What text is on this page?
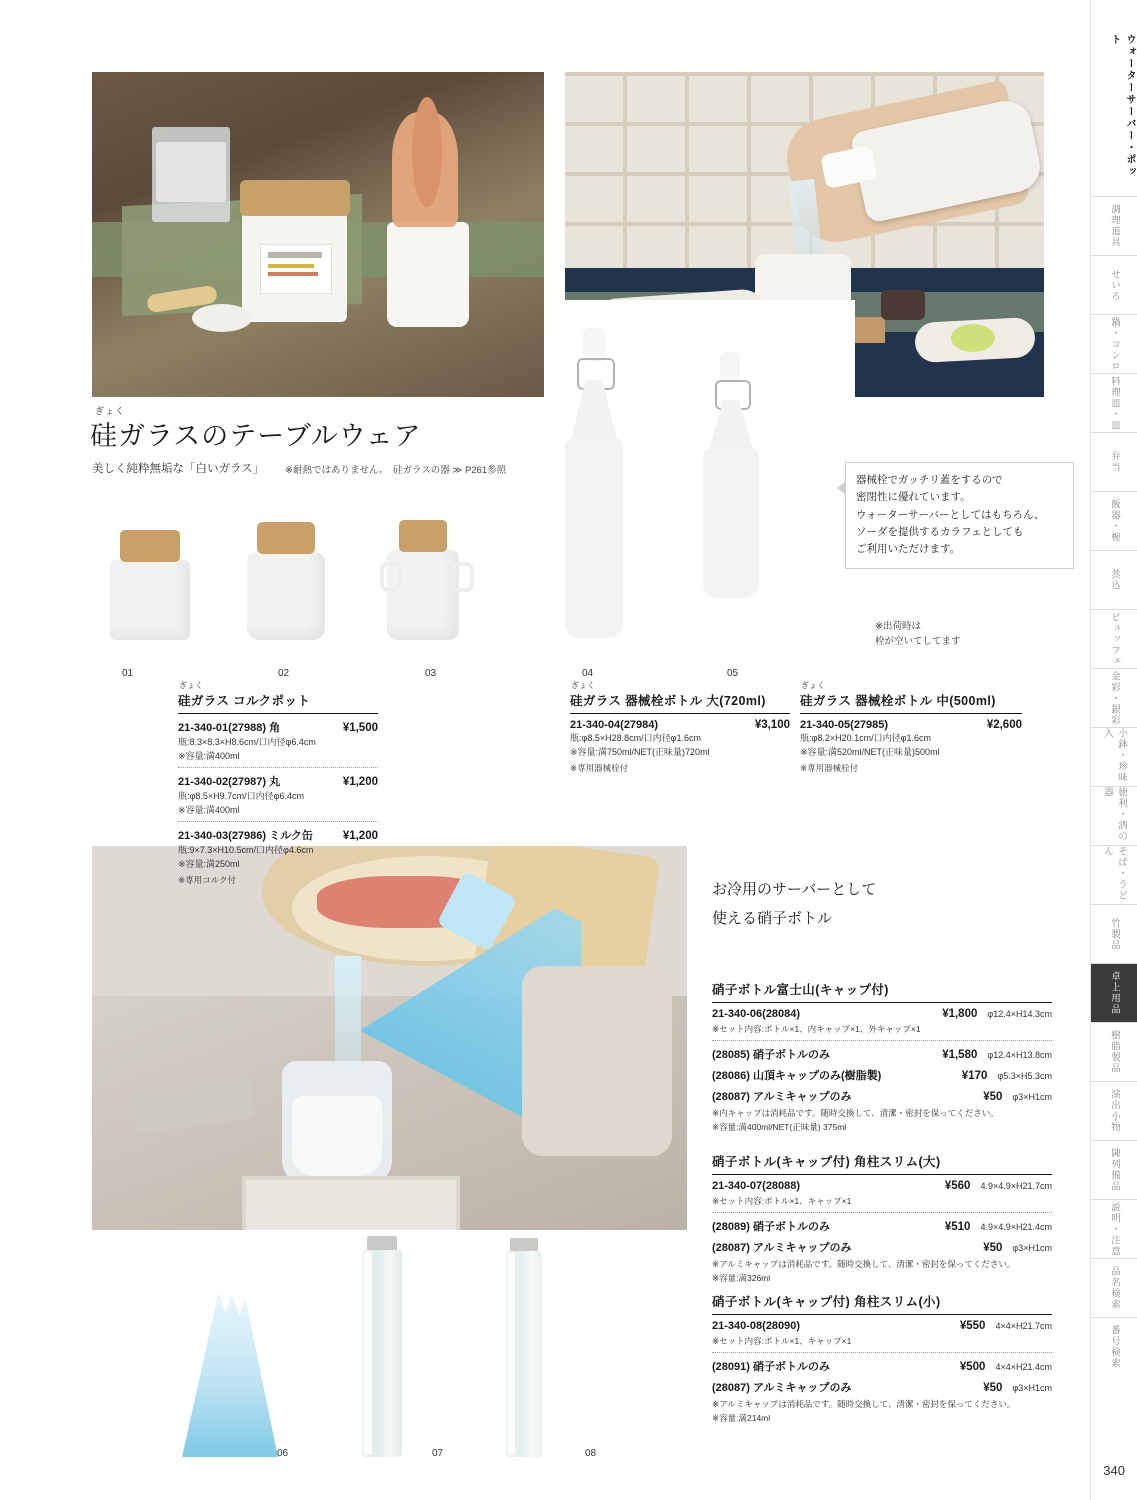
01	02	03	04	05
06	07	08
ぎょく
硅ガラスのテーブルウェア
美しく純粋無垢な「白いガラス」 ※耐熱ではありません。 硅ガラスの器 ≫ P261参照
器械栓でガッチリ蓋をするので
密閉性に優れています。
ウォーターサーバーとしてはもちろん、
ソーダを提供するカラフェとしても
ご利用いただけます。
※出荷時は
栓が空いてしてます
ぎょく
硅ガラス コルクポット
21-340-01(27988) 角	¥1,500
瓶:8.3×8.3×H8.6cm/口内径φ6.4cm
※容量:満400ml
21-340-02(27987) 丸	¥1,200
瓶:φ8.5×H9.7cm/口内径φ6.4cm
※容量:満400ml
21-340-03(27986) ミルク缶	¥1,200
瓶:9×7.3×H10.5cm/口内径φ4.6cm
※容量:満250ml
※専用コルク付
ぎょく
硅ガラス 器械栓ボトル 大(720ml)
21-340-04(27984)	¥3,100
瓶:φ8.5×H28.8cm/口内径φ1.6cm
※容量:満750ml/NET(正味量)720ml
※専用器械栓付
ぎょく
硅ガラス 器械栓ボトル 中(500ml)
21-340-05(27985)	¥2,600
瓶:φ8.2×H20.1cm/口内径φ1.6cm
※容量:満520ml/NET(正味量)500ml
※専用器械栓付
お冷用のサーバーとして
使える硝子ボトル
硝子ボトル富士山(キャップ付)
21-340-06(28084)	¥1,800 φ12.4×H14.3cm
※セット内容:ボトル×1、内キャップ×1、外キャップ×1
(28085) 硝子ボトルのみ	¥1,580 φ12.4×H13.8cm
(28086) 山頂キャップのみ(樹脂製)	¥170 φ5.3×H5.3cm
(28087) アルミキャップのみ	¥50 φ3×H1cm
※内キャップは消耗品です。随時交換して、清潔・密封を保ってください。
※容量:満400ml/NET(正味量) 375ml
硝子ボトル(キャップ付) 角柱スリム(大)
21-340-07(28088)	¥560 4.9×4.9×H21.7cm
※セット内容:ボトル×1、キャップ×1
(28089) 硝子ボトルのみ	¥510 4.9×4.9×H21.4cm
(28087) アルミキャップのみ	¥50 φ3×H1cm
※アルミキャップは消耗品です。随時交換して、清潔・密封を保ってください。
※容量:満326ml
硝子ボトル(キャップ付) 角柱スリム(小)
21-340-08(28090)	¥550 4×4×H21.7cm
※セット内容:ボトル×1、キャップ×1
(28091) 硝子ボトルのみ	¥500 4×4×H21.4cm
(28087) アルミキャップのみ	¥50 φ3×H1cm
※アルミキャップは消耗品です。随時交換して、清潔・密封を保ってください。
※容量:満214ml
ウォーターサーバー・ポット
調理道具
せいろ
鍋・コンロ
料理皿・皿
弁当
飯器・椀
蒸込
ビュッフェ
金彩・銀彩
小鉢・珍味入
徳利・酒の器
そば・うどん
竹製品
卓上用品
樹脂製品
演出小物
陳列備品
説明・注意
品名検索
番号検索
340
